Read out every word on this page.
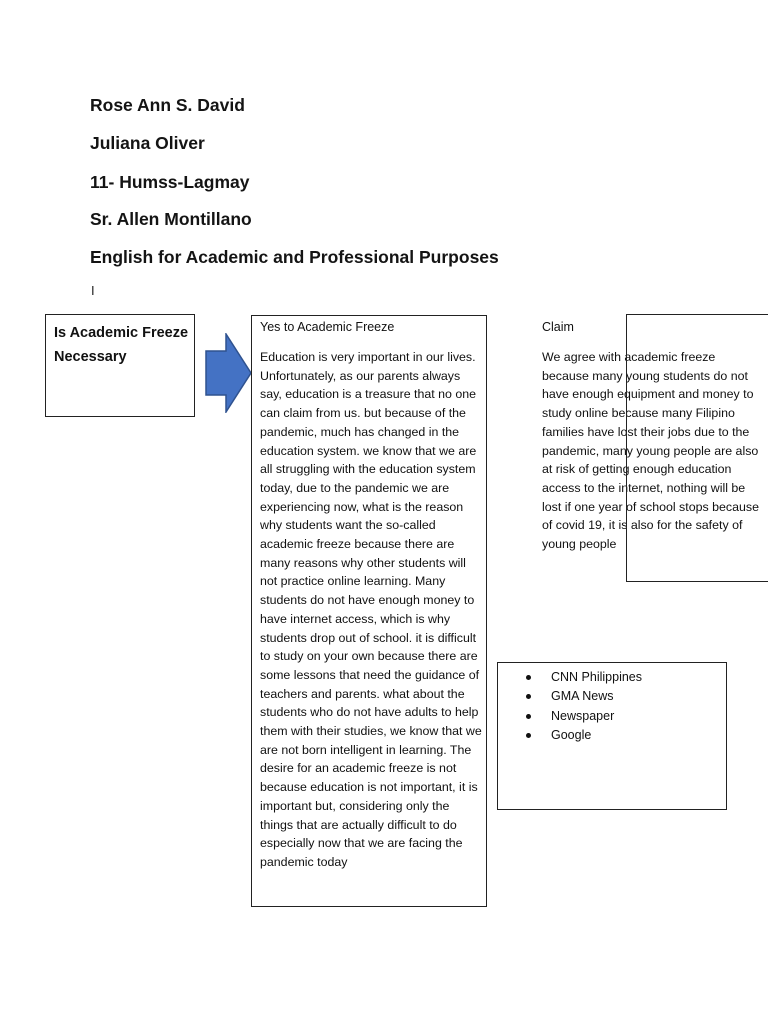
Rose Ann S. David
Juliana Oliver
11- Humss-Lagmay
Sr. Allen Montillano
English for Academic and Professional Purposes
I

Is Academic Freeze Necessary

Yes to Academic Freeze

Education is very important in our lives. Unfortunately, as our parents always say, education is a treasure that no one can claim from us. but because of the pandemic, much has changed in the education system. we know that we are all struggling with the education system today, due to the pandemic we are experiencing now, what is the reason why students want the so-called academic freeze because there are many reasons why other students will not practice online learning. Many students do not have enough money to have internet access, which is why students drop out of school. it is difficult to study on your own because there are some lessons that need the guidance of teachers and parents. what about the students who do not have adults to help them with their studies, we know that we are not born intelligent in learning. The desire for an academic freeze is not because education is not important, it is important but, considering only the things that are actually difficult to do especially now that we are facing the pandemic today

Claim

We agree with academic freeze because many young students do not have enough equipment and money to study online because many Filipino families have lost their jobs due to the pandemic, many young people are also at risk of getting enough education access to the internet, nothing will be lost if one year of school stops because of covid 19, it is also for the safety of young people

CNN Philippines
GMA News
Newspaper
Google
